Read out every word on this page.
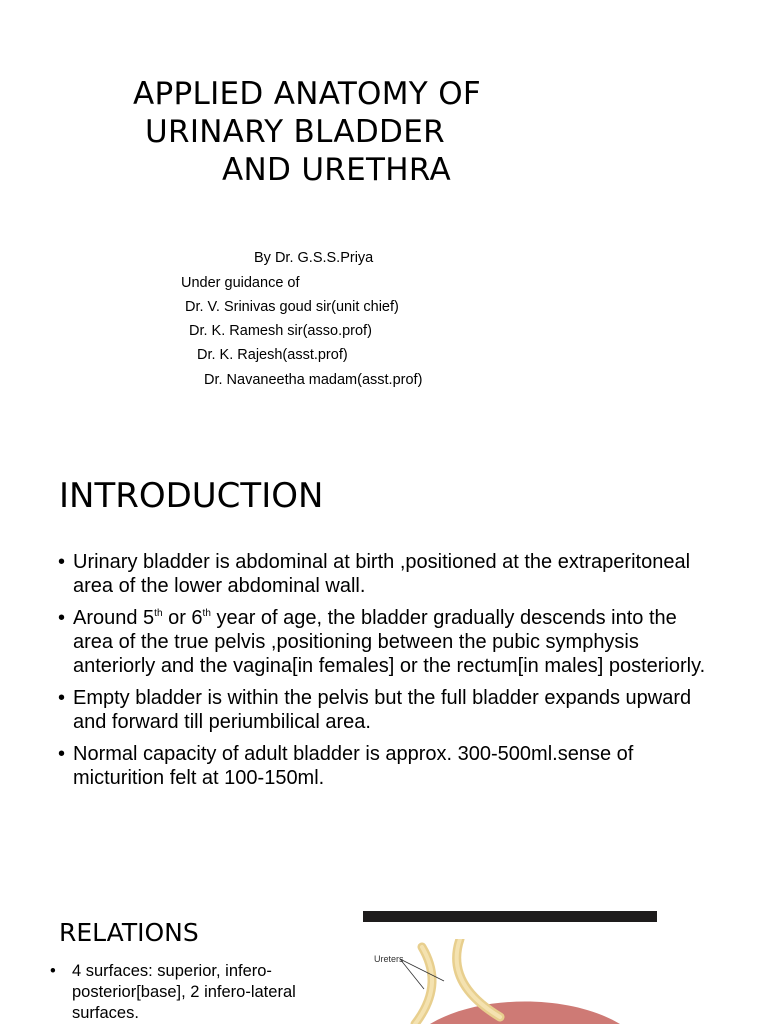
APPLIED ANATOMY OF
URINARY BLADDER
AND URETHRA
By Dr. G.S.S.Priya
Under guidance of
Dr. V. Srinivas goud sir(unit chief)
Dr. K. Ramesh sir(asso.prof)
Dr. K. Rajesh(asst.prof)
Dr. Navaneetha madam(asst.prof)
INTRODUCTION
• Urinary bladder is abdominal at birth ,positioned at the extraperitoneal area of the lower abdominal wall.
• Around 5th or 6th year of age, the bladder gradually descends into the area of the true pelvis ,positioning between the pubic symphysis anteriorly and the vagina[in females] or the rectum[in males] posteriorly.
• Empty bladder is within the pelvis but the full bladder expands upward and forward till periumbilical area.
• Normal capacity of adult bladder is approx. 300-500ml.sense of micturition felt at 100-150ml.
RELATIONS
• 4 surfaces: superior, infero-posterior[base], 2 infero-lateral surfaces.
Ureters
